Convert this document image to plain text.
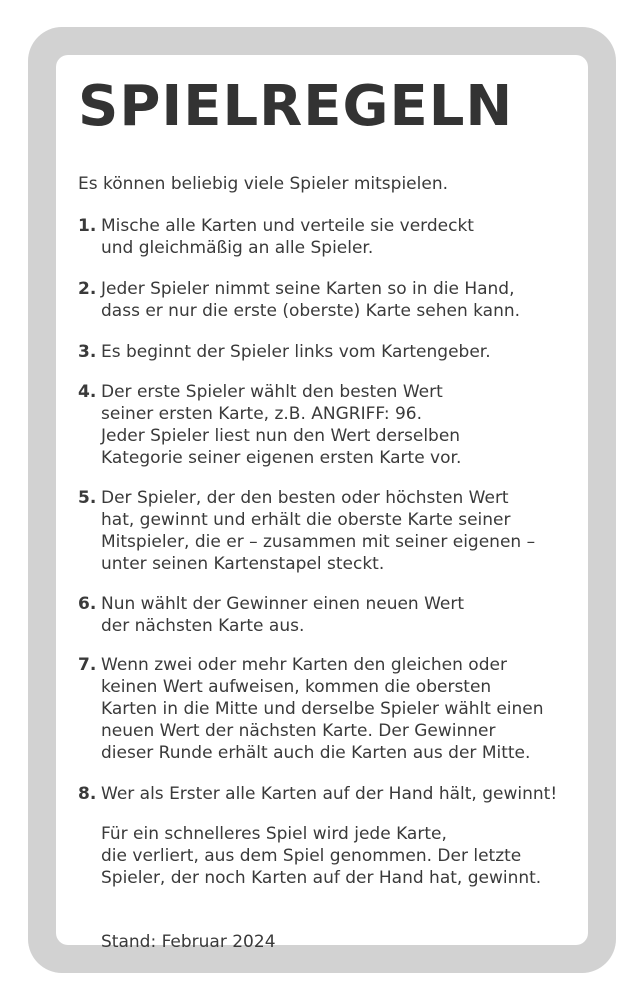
SPIELREGELN

Es können beliebig viele Spieler mitspielen.

1. Mische alle Karten und verteile sie verdeckt
und gleichmäßig an alle Spieler.

2. Jeder Spieler nimmt seine Karten so in die Hand,
dass er nur die erste (oberste) Karte sehen kann.

3. Es beginnt der Spieler links vom Kartengeber.

4. Der erste Spieler wählt den besten Wert
seiner ersten Karte, z.B. ANGRIFF: 96.
Jeder Spieler liest nun den Wert derselben
Kategorie seiner eigenen ersten Karte vor.

5. Der Spieler, der den besten oder höchsten Wert
hat, gewinnt und erhält die oberste Karte seiner
Mitspieler, die er – zusammen mit seiner eigenen –
unter seinen Kartenstapel steckt.

6. Nun wählt der Gewinner einen neuen Wert
der nächsten Karte aus.

7. Wenn zwei oder mehr Karten den gleichen oder
keinen Wert aufweisen, kommen die obersten
Karten in die Mitte und derselbe Spieler wählt einen
neuen Wert der nächsten Karte. Der Gewinner
dieser Runde erhält auch die Karten aus der Mitte.

8. Wer als Erster alle Karten auf der Hand hält, gewinnt!

Für ein schnelleres Spiel wird jede Karte,
die verliert, aus dem Spiel genommen. Der letzte
Spieler, der noch Karten auf der Hand hat, gewinnt.

Stand: Februar 2024
